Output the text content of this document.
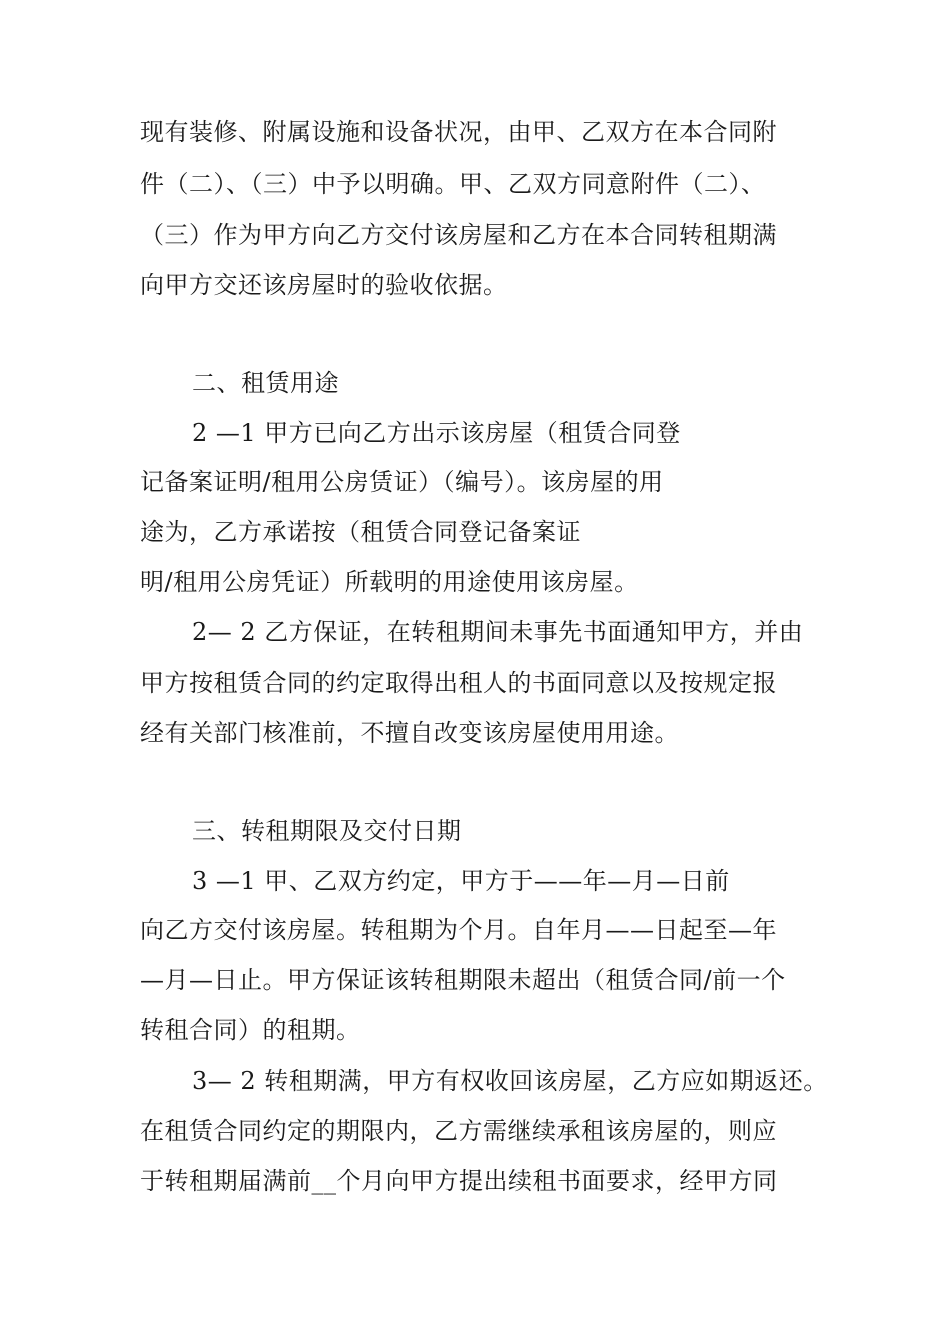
现有装修、附属设施和设备状况，由甲、乙双方在本合同附
件（二）、（三）中予以明确。甲、乙双方同意附件（二）、
（三）作为甲方向乙方交付该房屋和乙方在本合同转租期满
向甲方交还该房屋时的验收依据。
二、租赁用途
2 —1 甲方已向乙方出示该房屋（租赁合同登
记备案证明/租用公房赁证）（编号）。该房屋的用
途为，乙方承诺按（租赁合同登记备案证
明/租用公房凭证）所载明的用途使用该房屋。
2— 2 乙方保证，在转租期间未事先书面通知甲方，并由
甲方按租赁合同的约定取得出租人的书面同意以及按规定报
经有关部门核准前，不擅自改变该房屋使用用途。
三、转租期限及交付日期
3 —1 甲、乙双方约定，甲方于——年—月—日前
向乙方交付该房屋。转租期为个月。自年月——日起至—年
—月—日止。甲方保证该转租期限未超出（租赁合同/前一个
转租合同）的租期。
3— 2 转租期满，甲方有权收回该房屋，乙方应如期返还。
在租赁合同约定的期限内，乙方需继续承租该房屋的，则应
于转租期届满前__个月向甲方提出续租书面要求，经甲方同
